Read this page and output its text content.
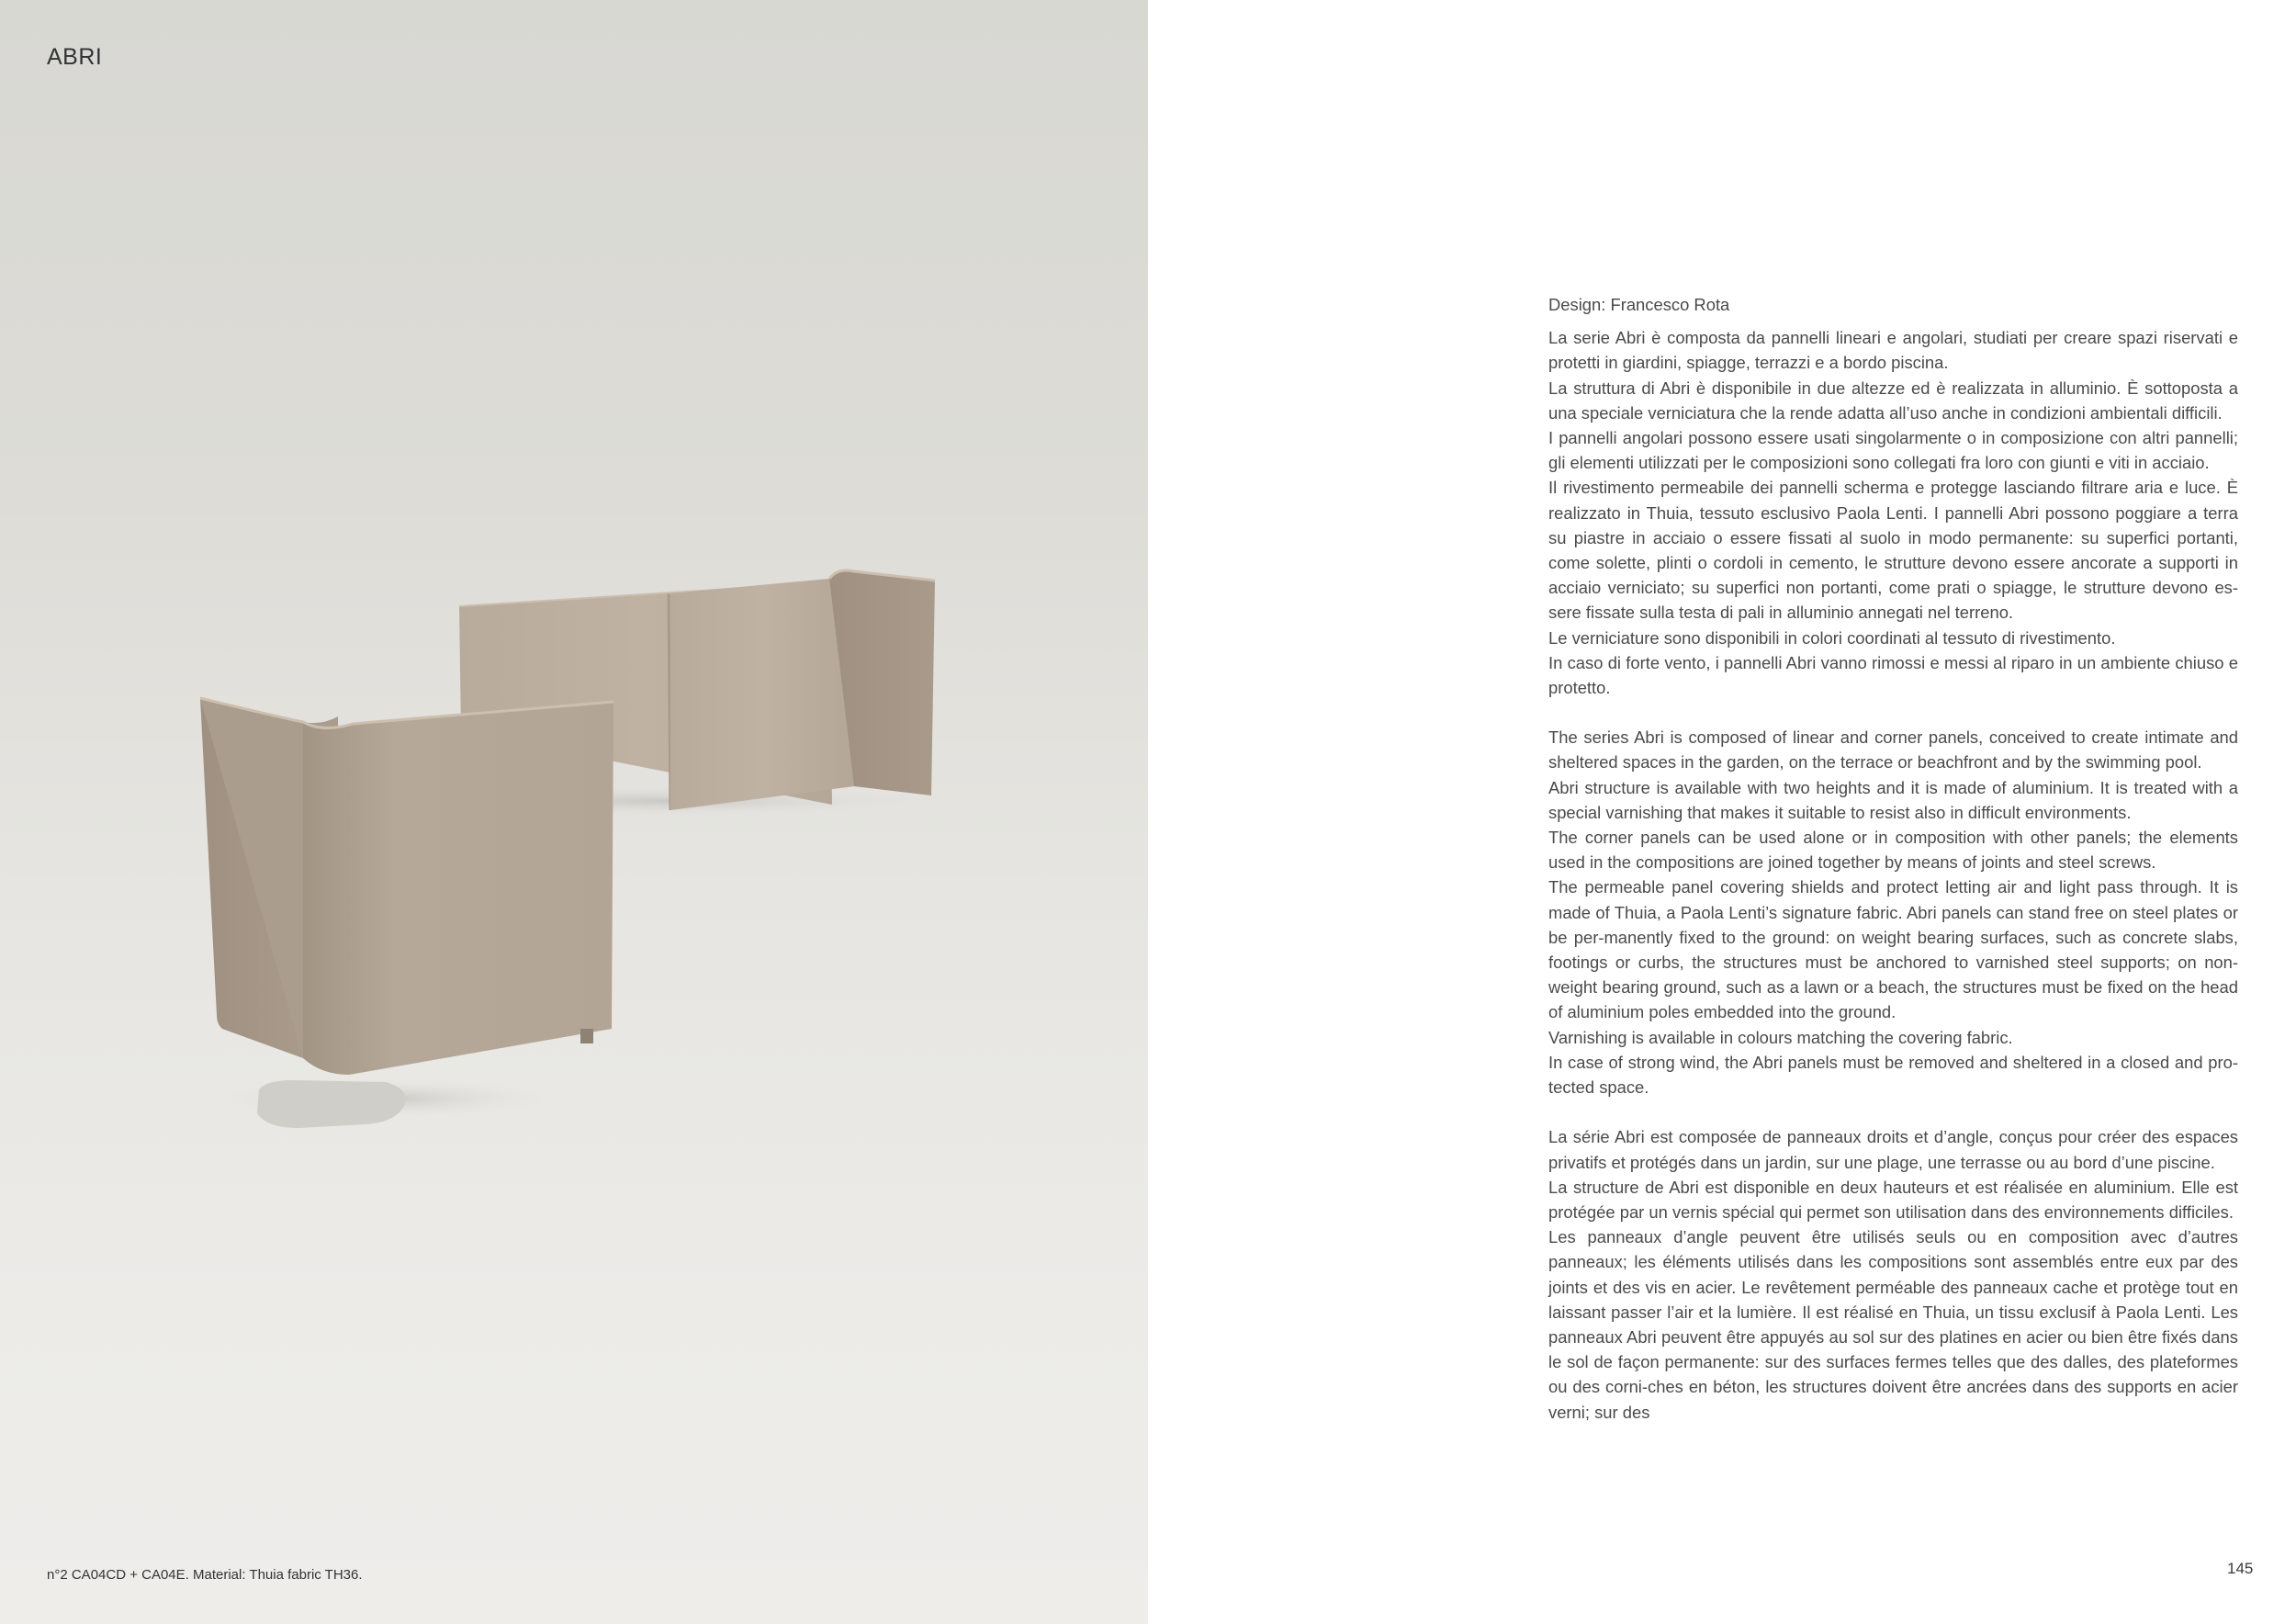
ABRI
n°2 CA04CD + CA04E. Material: Thuia fabric TH36.

Design: Francesco Rota

La serie Abri è composta da pannelli lineari e angolari, studiati per creare spazi riservati e protetti in giardini, spiagge, terrazzi e a bordo piscina.

La struttura di Abri è disponibile in due altezze ed è realizzata in alluminio. È sottoposta a una speciale verniciatura che la rende adatta all’uso anche in condizioni ambientali difficili.

I pannelli angolari possono essere usati singolarmente o in composizione con altri pannelli; gli elementi utilizzati per le composizioni sono collegati fra loro con giunti e viti in acciaio.

Il rivestimento permeabile dei pannelli scherma e protegge lasciando filtrare aria e luce. È realizzato in Thuia, tessuto esclusivo Paola Lenti. I pannelli Abri possono poggiare a terra su piastre in acciaio o essere fissati al suolo in modo permanente: su superfici portanti, come solette, plinti o cordoli in cemento, le strutture devono essere ancorate a supporti in acciaio verniciato; su superfici non portanti, come prati o spiagge, le strutture devono es-sere fissate sulla testa di pali in alluminio annegati nel terreno.

Le verniciature sono disponibili in colori coordinati al tessuto di rivestimento.

In caso di forte vento, i pannelli Abri vanno rimossi e messi al riparo in un ambiente chiuso e protetto.

The series Abri is composed of linear and corner panels, conceived to create intimate and sheltered spaces in the garden, on the terrace or beachfront and by the swimming pool.

Abri structure is available with two heights and it is made of aluminium. It is treated with a special varnishing that makes it suitable to resist also in difficult environments.

The corner panels can be used alone or in composition with other panels; the elements used in the compositions are joined together by means of joints and steel screws.

The permeable panel covering shields and protect letting air and light pass through. It is made of Thuia, a Paola Lenti’s signature fabric. Abri panels can stand free on steel plates or be per-manently fixed to the ground: on weight bearing surfaces, such as concrete slabs, footings or curbs, the structures must be anchored to varnished steel supports; on non-weight bearing ground, such as a lawn or a beach, the structures must be fixed on the head of aluminium poles embedded into the ground.

Varnishing is available in colours matching the covering fabric.

In case of strong wind, the Abri panels must be removed and sheltered in a closed and pro-tected space.

La série Abri est composée de panneaux droits et d’angle, conçus pour créer des espaces privatifs et protégés dans un jardin, sur une plage, une terrasse ou au bord d’une piscine.

La structure de Abri est disponible en deux hauteurs et est réalisée en aluminium. Elle est protégée par un vernis spécial qui permet son utilisation dans des environnements difficiles.

Les panneaux d’angle peuvent être utilisés seuls ou en composition avec d’autres panneaux; les éléments utilisés dans les compositions sont assemblés entre eux par des joints et des vis en acier. Le revêtement perméable des panneaux cache et protège tout en laissant passer l’air et la lumière. Il est réalisé en Thuia, un tissu exclusif à Paola Lenti. Les panneaux Abri peuvent être appuyés au sol sur des platines en acier ou bien être fixés dans le sol de façon permanente: sur des surfaces fermes telles que des dalles, des plateformes ou des corni-ches en béton, les structures doivent être ancrées dans des supports en acier verni; sur des

145
